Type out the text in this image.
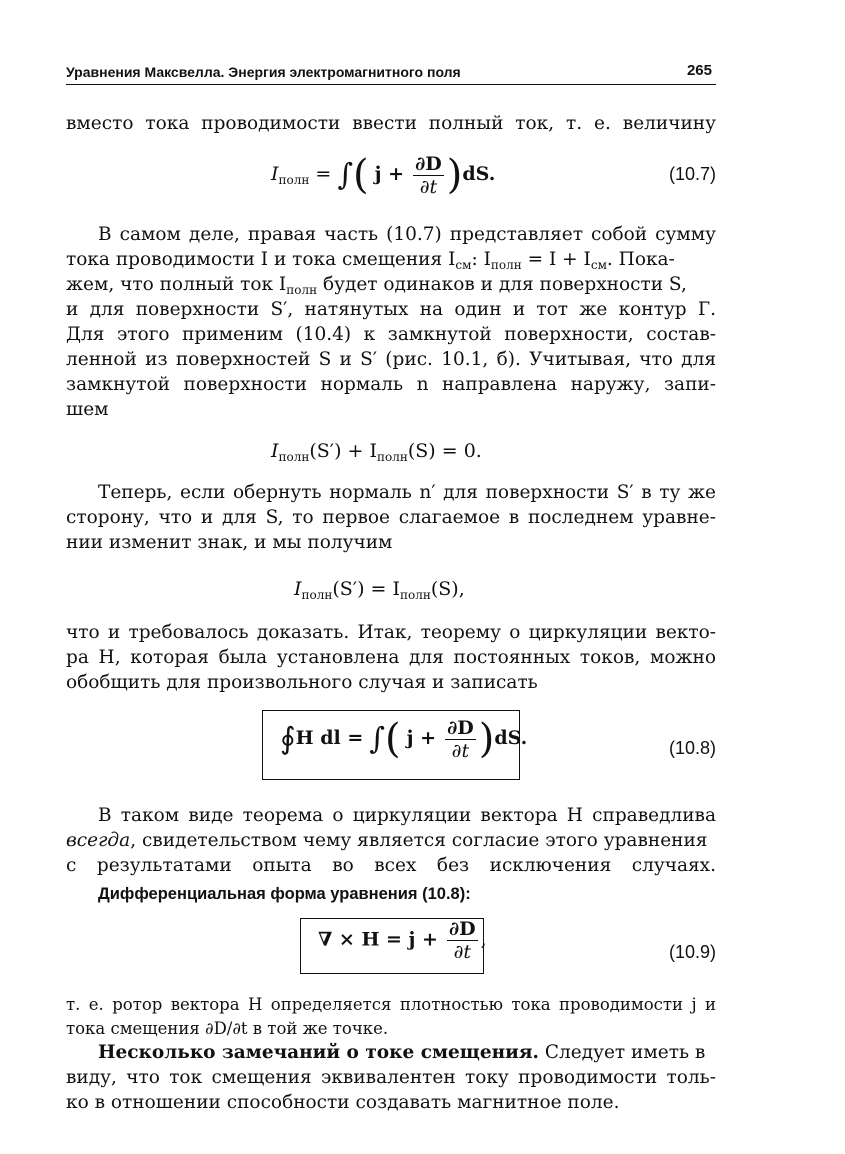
Уравнения Максвелла. Энергия электромагнитного поля	265
вместо тока проводимости ввести полный ток, т. е. величину
$I_{полн}$ = ∫( $j + \frac{\partial D}{\partial t} )dS$.	(10.7)
В самом деле, правая часть (10.7) представляет собой сумму
тока проводимости I и тока смещения $I_{см}$: $I_{полн} = I + I_{см}$. Пока-
жем, что полный ток $I_{полн}$ будет одинаков и для поверхности S,
и для поверхности S′, натянутых на один и тот же контур Г.
Для этого применим (10.4) к замкнутой поверхности, состав-
ленной из поверхностей S и S′ (рис. 10.1, б). Учитывая, что для
замкнутой поверхности нормаль n направлена наружу, запи-
шем
$I_{полн}(S') + I_{полн}(S) = 0$.
Теперь, если обернуть нормаль n′ для поверхности S′ в ту же
сторону, что и для S, то первое слагаемое в последнем уравне-
нии изменит знак, и мы получим
$I_{полн}(S') = I_{полн}(S)$,
что и требовалось доказать. Итак, теорему о циркуляции векто-
ра H, которая была установлена для постоянных токов, можно
обобщить для произвольного случая и записать
∮H dl = ∫( $j + \frac{\partial D}{\partial t} )dS$.	(10.8)
В таком виде теорема о циркуляции вектора H справедлива
всегда, свидетельством чему является согласие этого уравнения
с результатами опыта во всех без исключения случаях.
Дифференциальная форма уравнения (10.8):
∇ × $H = j + \frac{\partial D}{\partial t}$ ,
(10.9)
т. е. ротор вектора H определяется плотностью тока проводимости j и
тока смещения ∂D/∂t в той же точке.
Несколько замечаний о токе смещения. Следует иметь в
виду, что ток смещения эквивалентен току проводимости толь-
ко в отношении способности создавать магнитное поле.
